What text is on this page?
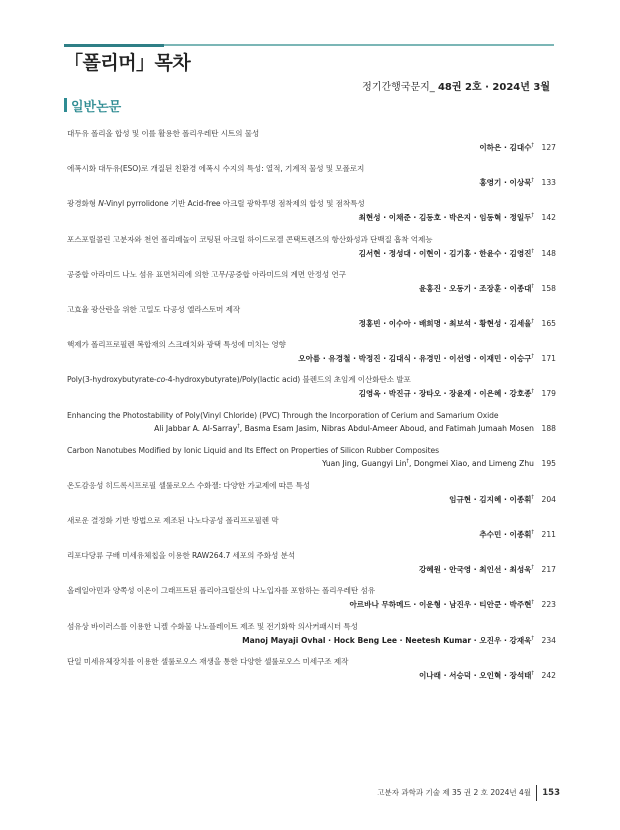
「폴리머」목차
정기간행국문지_ 48권 2호 · 2024년 3월
일반논문
대두유 폴리올 합성 및 이를 활용한 폴리우레탄 시트의 물성
이하은 · 김대수† 127
에폭시화 대두유(ESO)로 개질된 친환경 에폭시 수지의 특성: 열적, 기계적 물성 및 모폴로지
홍영기 · 이상묵† 133
광경화형 N-Vinyl pyrrolidone 기반 Acid-free 아크릴 광학투명 점착제의 합성 및 점착특성
최현성 · 이채준 · 김동호 · 박은지 · 임동혁 · 정일두† 142
포스포릴콜린 고분자와 천연 폴리페놀이 코팅된 아크릴 하이드로겔 콘택트렌즈의 항산화성과 단백질 흡착 억제능
김서현 · 정성대 · 이현이 · 김기홍 · 한윤수 · 김영진† 148
공중합 아라미드 나노 섬유 표면처리에 의한 고무/공중합 아라미드의 계면 안정성 연구
윤홍진 · 오동기 · 조장훈 · 이종대† 158
고효율 광산란을 위한 고밀도 다공성 엘라스토머 제작
정홍빈 · 이수아 · 배희명 · 최보석 · 황현성 · 김세율† 165
핵제가 폴리프로필렌 복합재의 스크래치와 광택 특성에 미치는 영향
오아름 · 유경철 · 박정진 · 김대식 · 유경민 · 이선영 · 이재민 · 이승구† 171
Poly(3-hydroxybutyrate-co-4-hydroxybutyrate)/Poly(lactic acid) 블렌드의 초임계 이산화탄소 발포
김영옥 · 박진규 · 장타오 · 장윤재 · 이은혜 · 강호종† 179
Enhancing the Photostability of Poly(Vinyl Chloride) (PVC) Through the Incorporation of Cerium and Samarium Oxide
Ali Jabbar A. Al-Sarray†, Basma Esam Jasim, Nibras Abdul-Ameer Aboud, and Fatimah Jumaah Mosen 188
Carbon Nanotubes Modified by Ionic Liquid and Its Effect on Properties of Silicon Rubber Composites
Yuan Jing, Guangyi Lin†, Dongmei Xiao, and Limeng Zhu 195
온도감응성 히드록시프로필 셀룰로오스 수화젤: 다양한 가교제에 따른 특성
임규현 · 김지혜 · 이종휘† 204
새로운 결정화 기반 방법으로 제조된 나노다공성 폴리프로필렌 막
추수민 · 이종휘† 211
리포다당류 구배 미세유체칩을 이용한 RAW264.7 세포의 주화성 분석
강혜원 · 안국영 · 최인선 · 최성욱† 217
올레일아민과 양쪽성 이온이 그래프트된 폴리아크릴산의 나노입자를 포함하는 폴리우레탄 섬유
아르바나 무하메드 · 이운형 · 남진우 · 티안쿤 · 박주현† 223
섬유상 바이러스를 이용한 니켈 수화물 나노플레이트 제조 및 전기화학 의사커패시터 특성
Manoj Mayaji Ovhal · Hock Beng Lee · Neetesh Kumar · 오진우 · 강재욱† 234
단일 미세유체장치를 이용한 셀룰로오스 재생을 통한 다양한 셀룰로오스 미세구조 제작
이나래 · 서승덕 · 오인혁 · 장석태† 242
고분자 과학과 기술 제 35 권 2 호 2024년 4월 153
